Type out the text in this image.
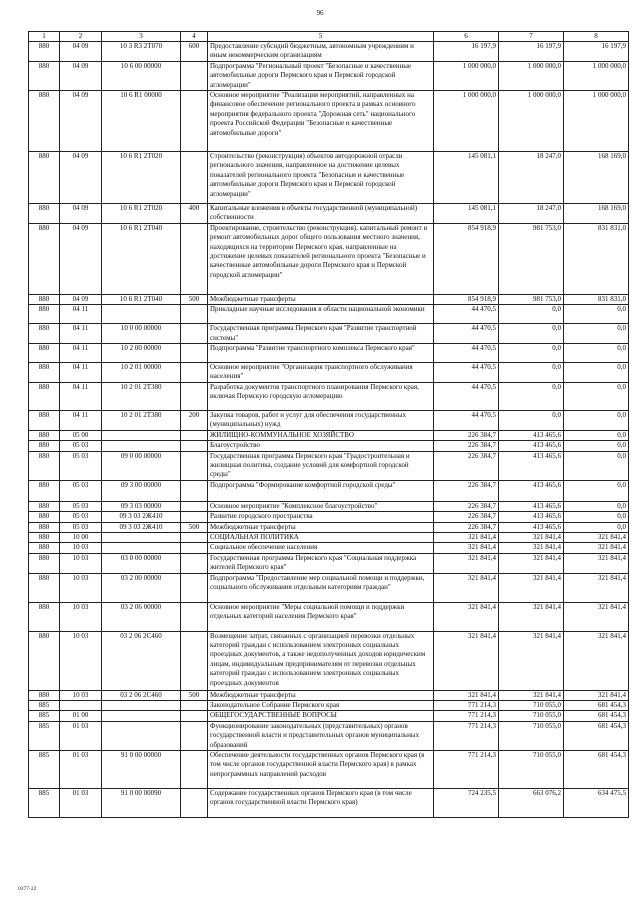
96
1	2	3	4	5	6	7	8
880	04 09	10 3 R3 2T070	600	Предоставление субсидий бюджетным, автономным учреждениям и иным некоммерческим организациям	16 197,9	16 197,9	16 197,9
880	04 09	10 6 00 00000		Подпрограмма "Региональный проект "Безопасные и качественные автомобильные дороги Пермского края и Пермской городской агломерации"	1 000 000,0	1 000 000,0	1 000 000,0
880	04 09	10 6 R1 00000		Основное мероприятие "Реализация мероприятий, направленных на финансовое обеспечение регионального проекта в рамках основного мероприятия федерального проекта "Дорожная сеть" национального проекта Российской Федерации "Безопасные и качественные автомобильные дороги"	1 000 000,0	1 000 000,0	1 000 000,0
880	04 09	10 6 R1 2T020		Строительство (реконструкция) объектов автодорожной отрасли регионального значения, направленное на достижение целевых показателей регионального проекта "Безопасные и качественные автомобильные дороги Пермского края и Пермской городской агломерации"	145 081,1	18 247,0	168 169,0
880	04 09	10 6 R1 2T020	400	Капитальные вложения в объекты государственной (муниципальной) собственности	145 081,1	18 247,0	168 169,0
880	04 09	10 6 R1 2T040		Проектирование, строительство (реконструкция), капитальный ремонт и ремонт автомобильных дорог общего пользования местного значения, находящихся на территории Пермского края, направленные на достижение целевых показателей регионального проекта "Безопасные и качественные автомобильные дороги Пермского края и Пермской городской агломерации"	854 918,9	981 753,0	831 831,0
880	04 09	10 6 R1 2T040	500	Межбюджетные трансферты	854 918,9	981 753,0	831 831,0
880	04 11			Прикладные научные исследования в области национальной экономики	44 470,5	0,0	0,0
880	04 11	10 0 00 00000		Государственная программа Пермского края "Развитие транспортной системы"	44 470,5	0,0	0,0
880	04 11	10 2 00 00000		Подпрограмма "Развитие транспортного комплекса Пермского края"	44 470,5	0,0	0,0
880	04 11	10 2 01 00000		Основное мероприятие "Организация транспортного обслуживания населения"	44 470,5	0,0	0,0
880	04 11	10 2 01 2T380		Разработка документов транспортного планирования Пермского края, включая Пермскую городскую агломерацию	44 470,5	0,0	0,0
880	04 11	10 2 01 2T380	200	Закупка товаров, работ и услуг для обеспечения государственных (муниципальных) нужд	44 470,5	0,0	0,0
880	05 00			ЖИЛИЩНО-КОММУНАЛЬНОЕ ХОЗЯЙСТВО	226 384,7	413 465,6	0,0
880	05 03			Благоустройство	226 384,7	413 465,6	0,0
880	05 03	09 0 00 00000		Государственная программа Пермского края "Градостроительная и жилищная политика, создание условий для комфортной городской среды"	226 384,7	413 465,6	0,0
880	05 03	09 3 00 00000		Подпрограмма "Формирование комфортной городской среды"	226 384,7	413 465,6	0,0
880	05 03	09 3 03 00000		Основное мероприятие "Комплексное благоустройство"	226 384,7	413 465,6	0,0
880	05 03	09 3 03 2Ж410		Развитие городского пространства	226 384,7	413 465,6	0,0
880	05 03	09 3 03 2Ж410	500	Межбюджетные трансферты	226 384,7	413 465,6	0,0
880	10 00			СОЦИАЛЬНАЯ ПОЛИТИКА	321 841,4	321 841,4	321 841,4
880	10 03			Социальное обеспечение населения	321 841,4	321 841,4	321 841,4
880	10 03	03 0 00 00000		Государственная программа Пермского края "Социальная поддержка жителей Пермского края"	321 841,4	321 841,4	321 841,4
880	10 03	03 2 00 00000		Подпрограмма "Предоставление мер социальной помощи и поддержки, социального обслуживания отдельным категориям граждан"	321 841,4	321 841,4	321 841,4
880	10 03	03 2 06 00000		Основное мероприятие "Меры социальной помощи и поддержки отдельных категорий населения Пермского края"	321 841,4	321 841,4	321 841,4
880	10 03	03 2 06 2С460		Возмещение затрат, связанных с организацией перевозки отдельных категорий граждан с использованием электронных социальных проездных документов, а также недополученных доходов юридическим лицам, индивидуальным предпринимателям от перевозки отдельных категорий граждан с использованием электронных социальных проездных документов	321 841,4	321 841,4	321 841,4
880	10 03	03 2 06 2С460	500	Межбюджетные трансферты	321 841,4	321 841,4	321 841,4
885				Законодательное Собрание Пермского края	771 214,3	710 055,0	681 454,3
885	01 00			ОБЩЕГОСУДАРСТВЕННЫЕ ВОПРОСЫ	771 214,3	710 055,0	681 454,3
885	01 03			Функционирование законодательных (представительных) органов государственной власти и представительных органов муниципальных образований	771 214,3	710 055,0	681 454,3
885	01 03	91 0 00 00000		Обеспечение деятельности государственных органов Пермского края (в том числе органов государственной власти Пермского края) в рамках непрограммных направлений расходов	771 214,3	710 055,0	681 454,3
885	01 03	91 0 00 00090		Содержание государственных органов Пермского края (в том числе органов государственной власти Пермского края)	724 235,5	663 076,2	634 475,5
0377-22
